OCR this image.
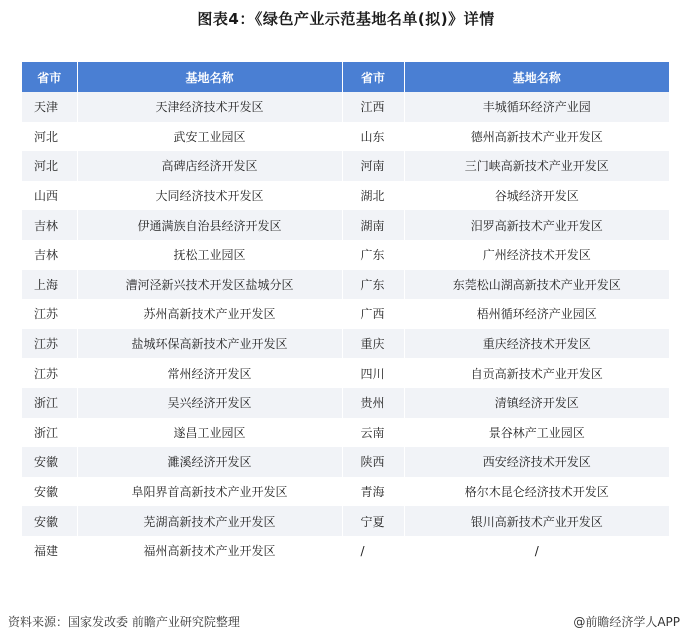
图表4：《绿色产业示范基地名单(拟)》详情
省市	基地名称	省市	基地名称
天津	天津经济技术开发区	江西	丰城循环经济产业园
河北	武安工业园区	山东	德州高新技术产业开发区
河北	高碑店经济开发区	河南	三门峡高新技术产业开发区
山西	大同经济技术开发区	湖北	谷城经济开发区
吉林	伊通满族自治县经济开发区	湖南	汨罗高新技术产业开发区
吉林	抚松工业园区	广东	广州经济技术开发区
上海	漕河泾新兴技术开发区盐城分区	广东	东莞松山湖高新技术产业开发区
江苏	苏州高新技术产业开发区	广西	梧州循环经济产业园区
江苏	盐城环保高新技术产业开发区	重庆	重庆经济技术开发区
江苏	常州经济开发区	四川	自贡高新技术产业开发区
浙江	吴兴经济开发区	贵州	清镇经济开发区
浙江	遂昌工业园区	云南	景谷林产工业园区
安徽	濉溪经济开发区	陕西	西安经济技术开发区
安徽	阜阳界首高新技术产业开发区	青海	格尔木昆仑经济技术开发区
安徽	芜湖高新技术产业开发区	宁夏	银川高新技术产业开发区
福建	福州高新技术产业开发区	/	/
资料来源：国家发改委 前瞻产业研究院整理	@前瞻经济学人APP
